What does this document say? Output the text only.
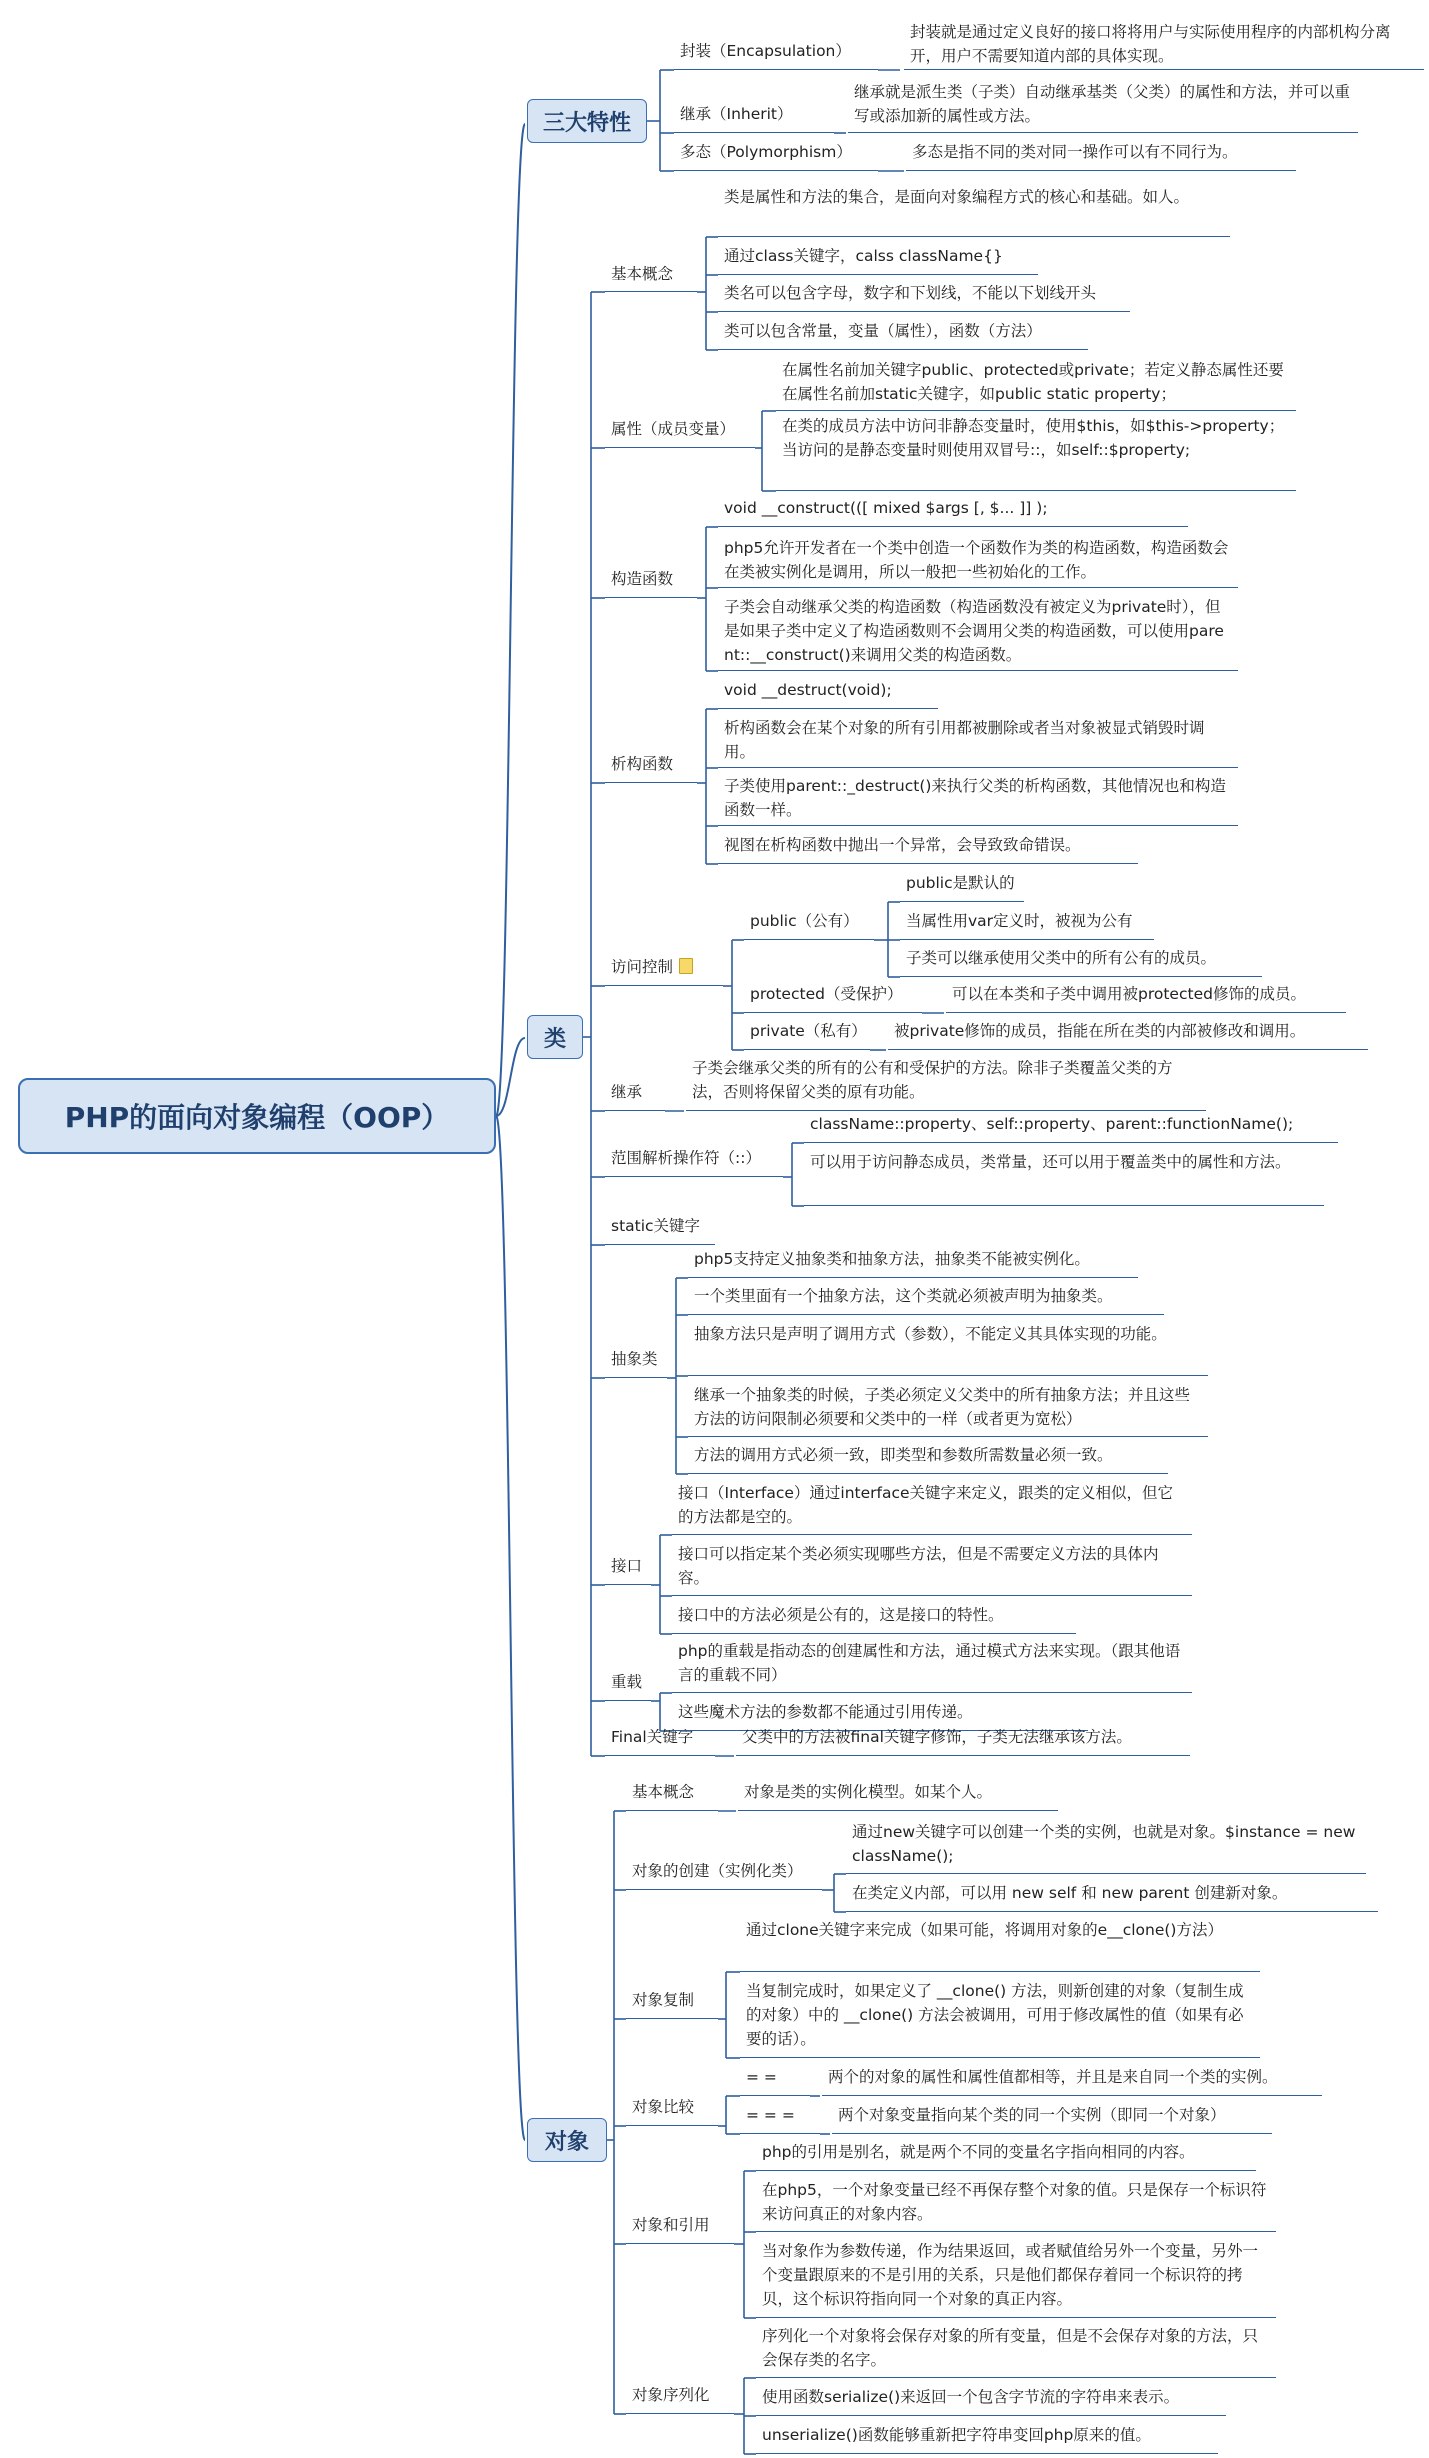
PHP的面向对象编程（OOP）
三大特性
封装（Encapsulation）
继承（Inherit）
多态（Polymorphism）
封装就是通过定义良好的接口将将用户与实际使用程序的内部机构分离开，用户不需要知道内部的具体实现。
继承就是派生类（子类）自动继承基类（父类）的属性和方法，并可以重写或添加新的属性或方法。
多态是指不同的类对同一操作可以有不同行为。
类
基本概念
属性（成员变量）
构造函数
析构函数
访问控制
继承
范围解析操作符（::）
static关键字
抽象类
接口
重载
Final关键字
类是属性和方法的集合，是面向对象编程方式的核心和基础。如人。
通过class关键字，calss className{}
类名可以包含字母，数字和下划线，不能以下划线开头
类可以包含常量，变量（属性），函数（方法）
在属性名前加关键字public、protected或private；若定义静态属性还要在属性名前加static关键字，如public static property；
在类的成员方法中访问非静态变量时，使用$this，如$this->property；当访问的是静态变量时则使用双冒号::，如self::$property;
void __construct(([ mixed $args [, $... ]] );
php5允许开发者在一个类中创造一个函数作为类的构造函数，构造函数会在类被实例化是调用，所以一般把一些初始化的工作。
子类会自动继承父类的构造函数（构造函数没有被定义为private时），但是如果子类中定义了构造函数则不会调用父类的构造函数，可以使用parent::__construct()来调用父类的构造函数。
void __destruct(void);
析构函数会在某个对象的所有引用都被删除或者当对象被显式销毁时调用。
子类使用parent::_destruct()来执行父类的析构函数，其他情况也和构造函数一样。
视图在析构函数中抛出一个异常，会导致致命错误。
public（公有）
protected（受保护）
private（私有）
public是默认的
当属性用var定义时，被视为公有
子类可以继承使用父类中的所有公有的成员。
可以在本类和子类中调用被protected修饰的成员。
被private修饰的成员，指能在所在类的内部被修改和调用。
子类会继承父类的所有的公有和受保护的方法。除非子类覆盖父类的方法，否则将保留父类的原有功能。
className::property、self::property、parent::functionName();
可以用于访问静态成员，类常量，还可以用于覆盖类中的属性和方法。
php5支持定义抽象类和抽象方法，抽象类不能被实例化。
一个类里面有一个抽象方法，这个类就必须被声明为抽象类。
抽象方法只是声明了调用方式（参数），不能定义其具体实现的功能。
继承一个抽象类的时候，子类必须定义父类中的所有抽象方法；并且这些方法的访问限制必须要和父类中的一样（或者更为宽松）
方法的调用方式必须一致，即类型和参数所需数量必须一致。
接口（Interface）通过interface关键字来定义，跟类的定义相似，但它的方法都是空的。
接口可以指定某个类必须实现哪些方法，但是不需要定义方法的具体内容。
接口中的方法必须是公有的，这是接口的特性。
php的重载是指动态的创建属性和方法，通过模式方法来实现。（跟其他语言的重载不同）
这些魔术方法的参数都不能通过引用传递。
父类中的方法被final关键字修饰，子类无法继承该方法。
对象
基本概念
对象的创建（实例化类）
对象复制
对象比较
对象和引用
对象序列化
对象是类的实例化模型。如某个人。
通过new关键字可以创建一个类的实例，也就是对象。$instance = new className();
在类定义内部，可以用 new self 和 new parent 创建新对象。
通过clone关键字来完成（如果可能，将调用对象的e__clone()方法）
当复制完成时，如果定义了 __clone() 方法，则新创建的对象（复制生成的对象）中的 __clone() 方法会被调用，可用于修改属性的值（如果有必要的话）。
= =
= = =
两个的对象的属性和属性值都相等，并且是来自同一个类的实例。
两个对象变量指向某个类的同一个实例（即同一个对象）
php的引用是别名，就是两个不同的变量名字指向相同的内容。
在php5，一个对象变量已经不再保存整个对象的值。只是保存一个标识符来访问真正的对象内容。
当对象作为参数传递，作为结果返回，或者赋值给另外一个变量，另外一个变量跟原来的不是引用的关系，只是他们都保存着同一个标识符的拷贝，这个标识符指向同一个对象的真正内容。
序列化一个对象将会保存对象的所有变量，但是不会保存对象的方法，只会保存类的名字。
使用函数serialize()来返回一个包含字节流的字符串来表示。
unserialize()函数能够重新把字符串变回php原来的值。
